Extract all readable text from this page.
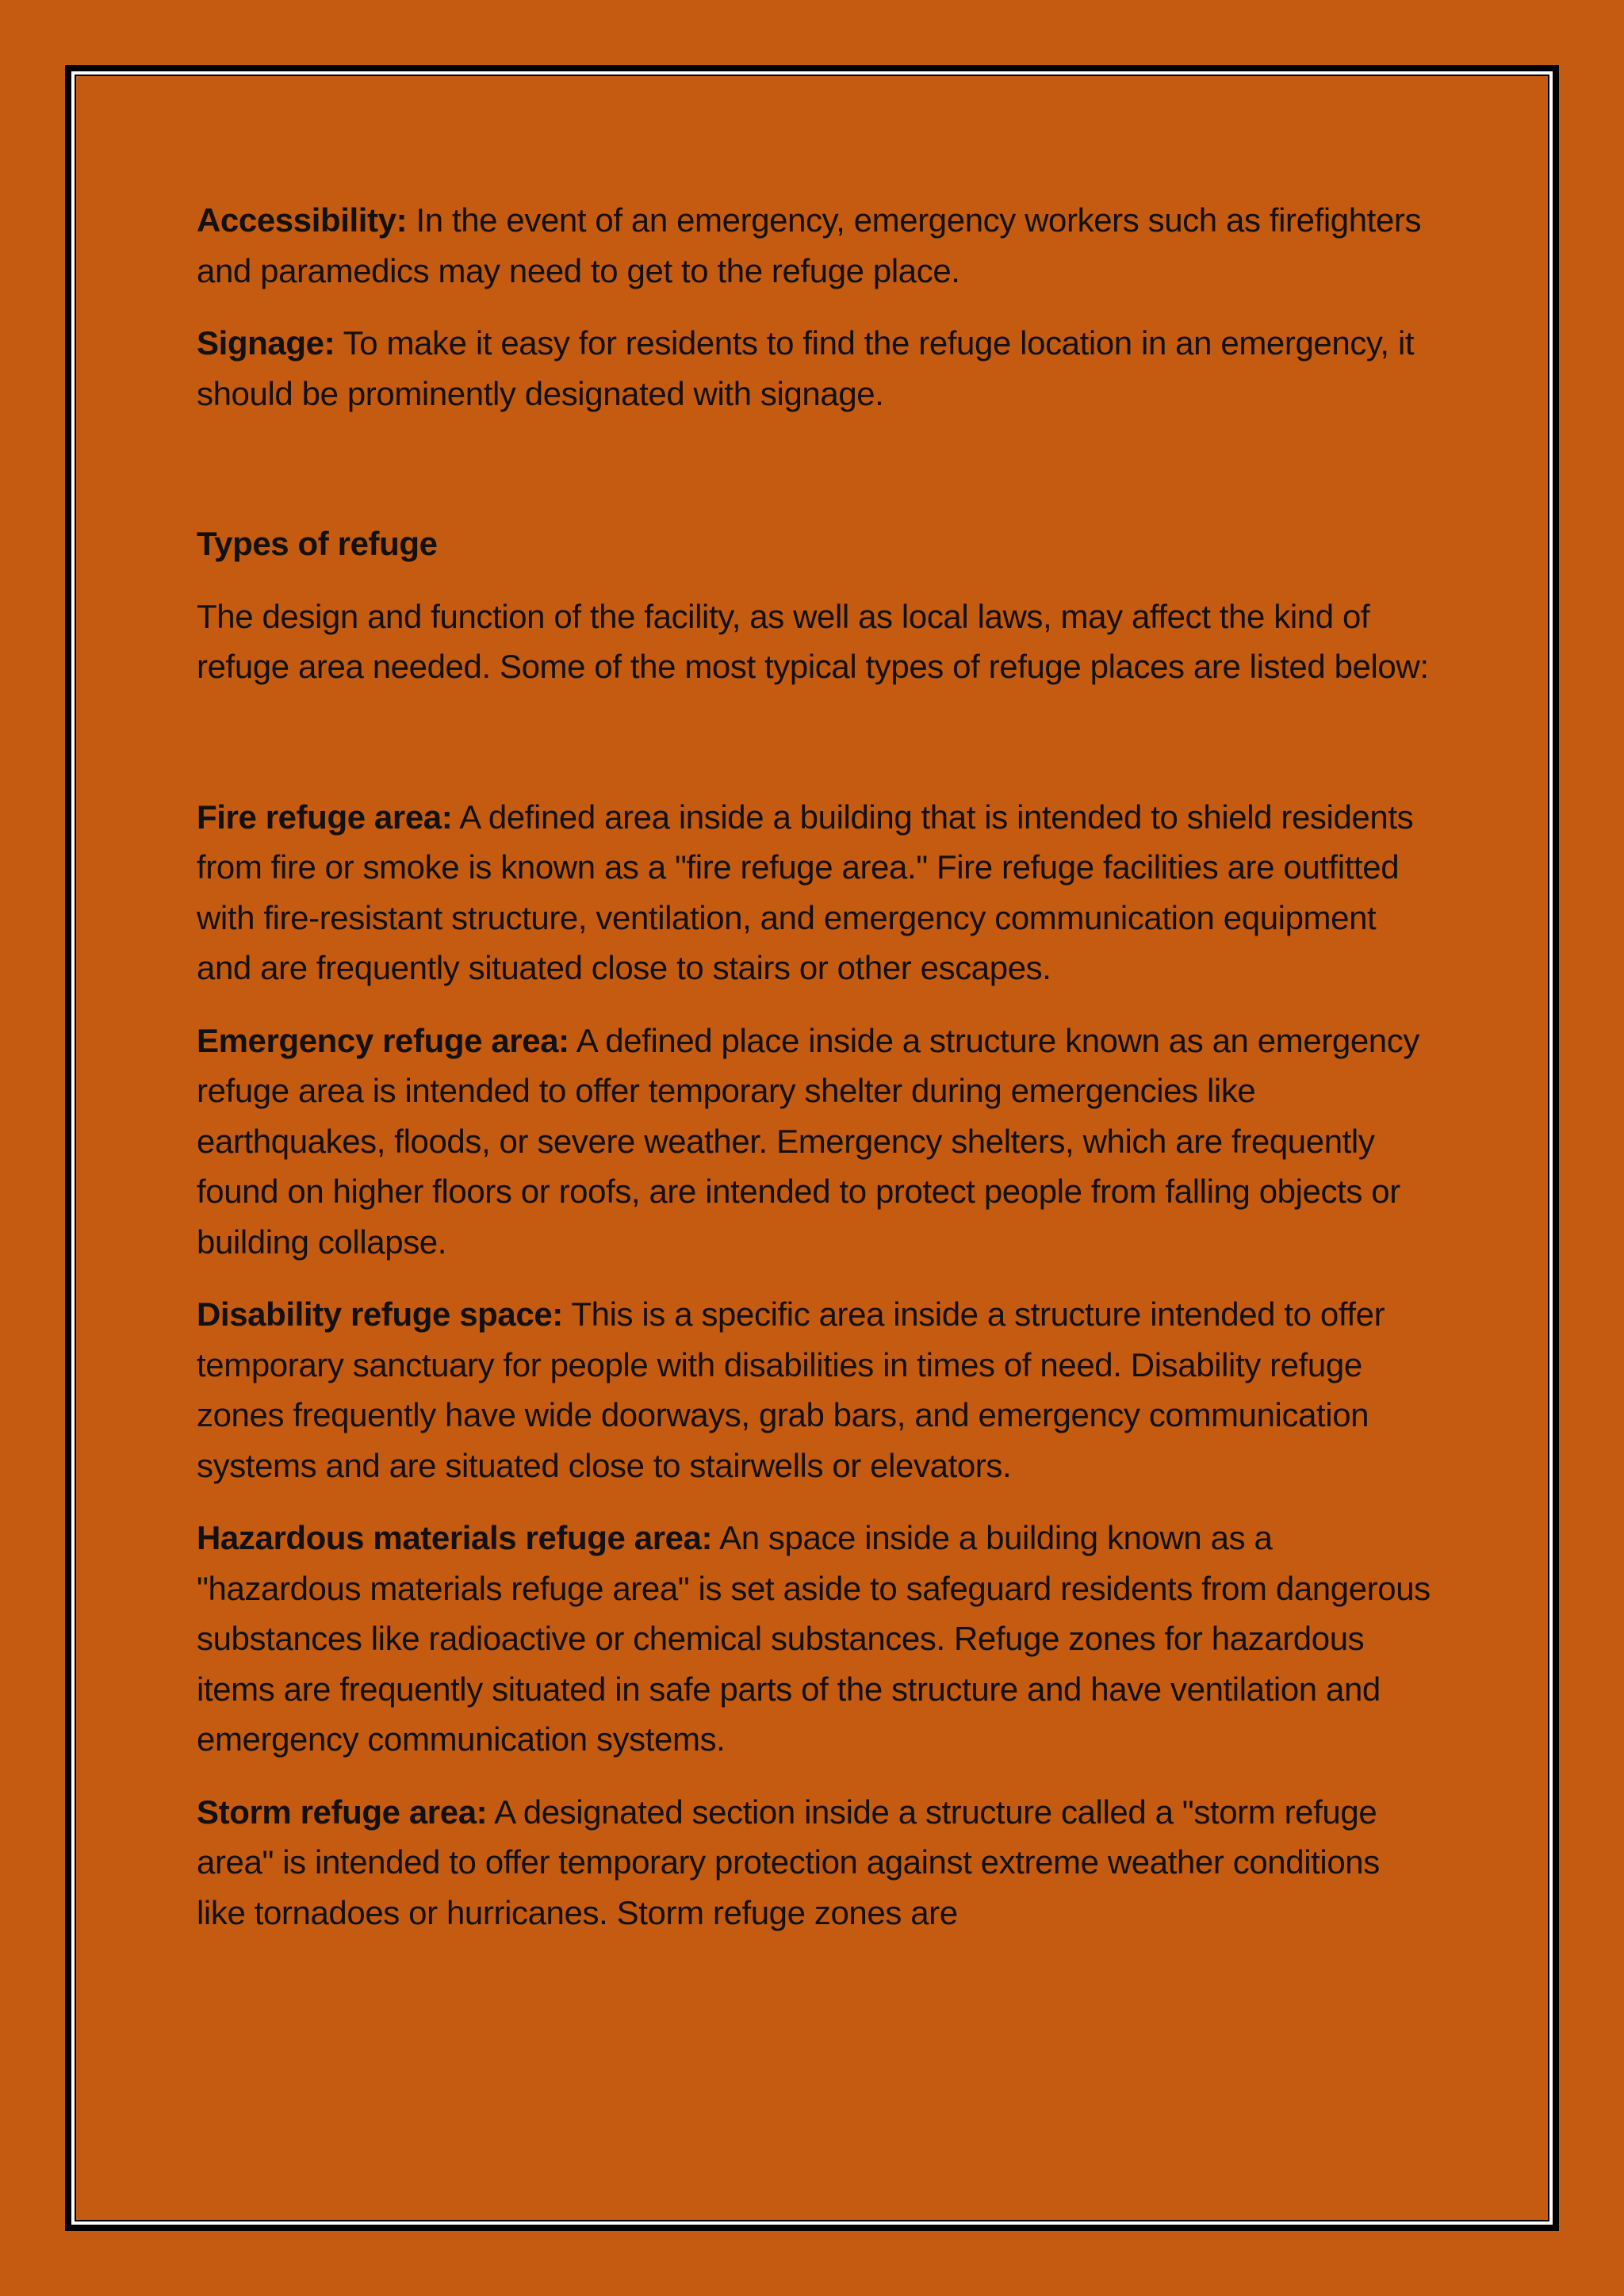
Accessibility: In the event of an emergency, emergency workers such as firefighters and paramedics may need to get to the refuge place.

Signage: To make it easy for residents to find the refuge location in an emergency, it should be prominently designated with signage.

Types of refuge

The design and function of the facility, as well as local laws, may affect the kind of refuge area needed. Some of the most typical types of refuge places are listed below:

Fire refuge area: A defined area inside a building that is intended to shield residents from fire or smoke is known as a "fire refuge area." Fire refuge facilities are outfitted with fire-resistant structure, ventilation, and emergency communication equipment and are frequently situated close to stairs or other escapes.

Emergency refuge area: A defined place inside a structure known as an emergency refuge area is intended to offer temporary shelter during emergencies like earthquakes, floods, or severe weather. Emergency shelters, which are frequently found on higher floors or roofs, are intended to protect people from falling objects or building collapse.

Disability refuge space: This is a specific area inside a structure intended to offer temporary sanctuary for people with disabilities in times of need. Disability refuge zones frequently have wide doorways, grab bars, and emergency communication systems and are situated close to stairwells or elevators.

Hazardous materials refuge area: An space inside a building known as a "hazardous materials refuge area" is set aside to safeguard residents from dangerous substances like radioactive or chemical substances. Refuge zones for hazardous items are frequently situated in safe parts of the structure and have ventilation and emergency communication systems.

Storm refuge area: A designated section inside a structure called a "storm refuge area" is intended to offer temporary protection against extreme weather conditions like tornadoes or hurricanes. Storm refuge zones are
